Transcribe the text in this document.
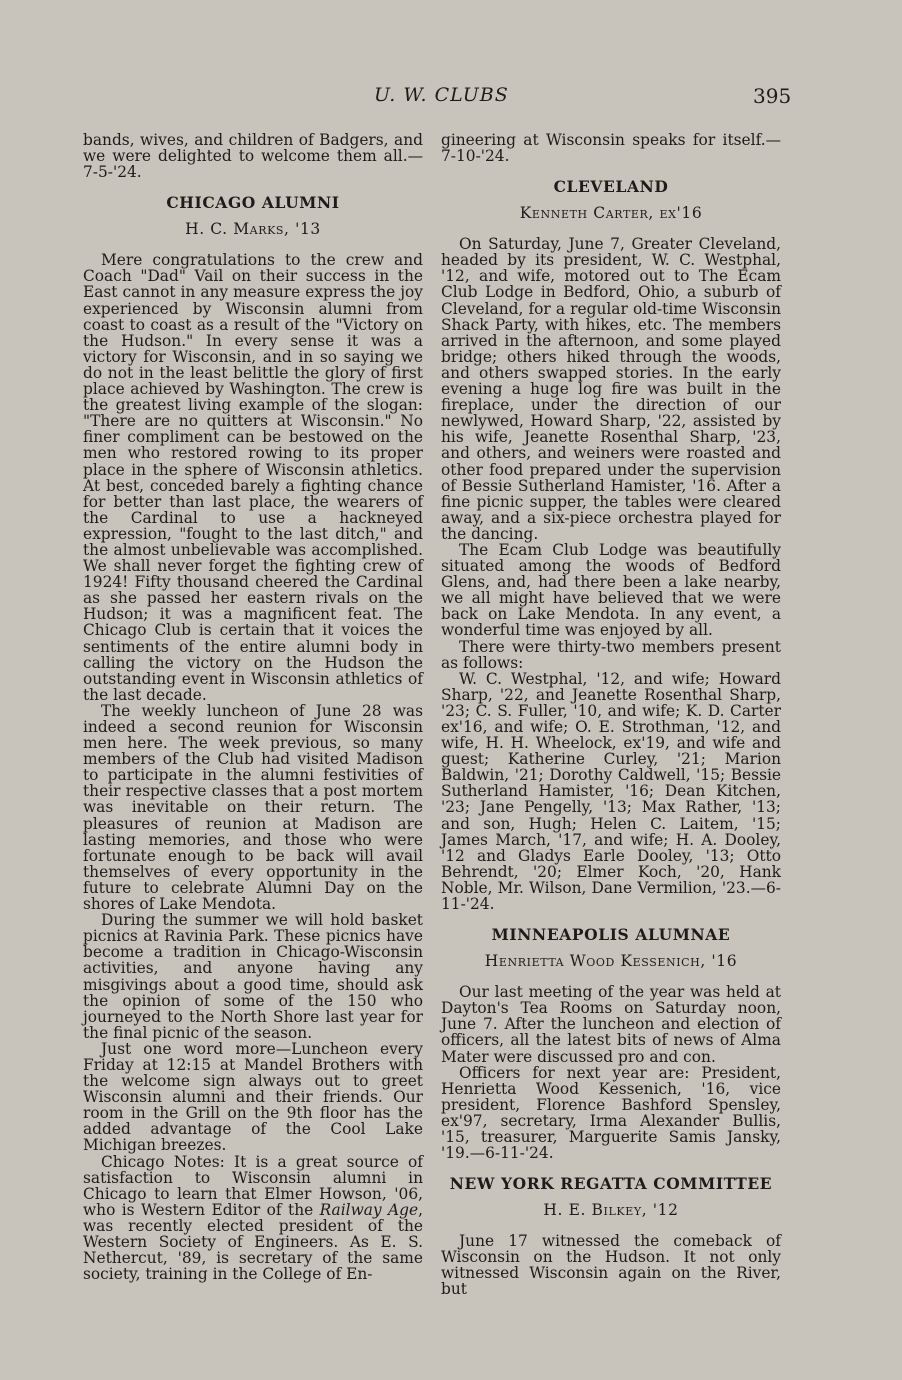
U. W. CLUBS	395

bands, wives, and children of Badgers, and we were delighted to welcome them all.—7-5-'24.

CHICAGO ALUMNI
H. C. Marks, '13

Mere congratulations to the crew and Coach "Dad" Vail on their success in the East cannot in any measure express the joy experienced by Wisconsin alumni from coast to coast as a result of the "Victory on the Hudson." In every sense it was a victory for Wisconsin, and in so saying we do not in the least belittle the glory of first place achieved by Washington. The crew is the greatest living example of the slogan: "There are no quitters at Wisconsin." No finer compliment can be bestowed on the men who restored rowing to its proper place in the sphere of Wisconsin athletics. At best, conceded barely a fighting chance for better than last place, the wearers of the Cardinal to use a hackneyed expression, "fought to the last ditch," and the almost unbelievable was accomplished. We shall never forget the fighting crew of 1924! Fifty thousand cheered the Cardinal as she passed her eastern rivals on the Hudson; it was a magnificent feat. The Chicago Club is certain that it voices the sentiments of the entire alumni body in calling the victory on the Hudson the outstanding event in Wisconsin athletics of the last decade.

The weekly luncheon of June 28 was indeed a second reunion for Wisconsin men here. The week previous, so many members of the Club had visited Madison to participate in the alumni festivities of their respective classes that a post mortem was inevitable on their return. The pleasures of reunion at Madison are lasting memories, and those who were fortunate enough to be back will avail themselves of every opportunity in the future to celebrate Alumni Day on the shores of Lake Mendota.

During the summer we will hold basket picnics at Ravinia Park. These picnics have become a tradition in Chicago-Wisconsin activities, and anyone having any misgivings about a good time, should ask the opinion of some of the 150 who journeyed to the North Shore last year for the final picnic of the season.

Just one word more—Luncheon every Friday at 12:15 at Mandel Brothers with the welcome sign always out to greet Wisconsin alumni and their friends. Our room in the Grill on the 9th floor has the added advantage of the Cool Lake Michigan breezes.

Chicago Notes: It is a great source of satisfaction to Wisconsin alumni in Chicago to learn that Elmer Howson, '06, who is Western Editor of the Railway Age, was recently elected president of the Western Society of Engineers. As E. S. Nethercut, '89, is secretary of the same society, training in the College of En-

gineering at Wisconsin speaks for itself.—7-10-'24.

CLEVELAND
Kenneth Carter, ex'16

On Saturday, June 7, Greater Cleveland, headed by its president, W. C. Westphal, '12, and wife, motored out to The Ecam Club Lodge in Bedford, Ohio, a suburb of Cleveland, for a regular old-time Wisconsin Shack Party, with hikes, etc. The members arrived in the afternoon, and some played bridge; others hiked through the woods, and others swapped stories. In the early evening a huge log fire was built in the fireplace, under the direction of our newlywed, Howard Sharp, '22, assisted by his wife, Jeanette Rosenthal Sharp, '23, and others, and weiners were roasted and other food prepared under the supervision of Bessie Sutherland Hamister, '16. After a fine picnic supper, the tables were cleared away, and a six-piece orchestra played for the dancing.

The Ecam Club Lodge was beautifully situated among the woods of Bedford Glens, and, had there been a lake nearby, we all might have believed that we were back on Lake Mendota. In any event, a wonderful time was enjoyed by all.

There were thirty-two members present as follows:

W. C. Westphal, '12, and wife; Howard Sharp, '22, and Jeanette Rosenthal Sharp, '23; C. S. Fuller, '10, and wife; K. D. Carter ex'16, and wife; O. E. Strothman, '12, and wife, H. H. Wheelock, ex'19, and wife and guest; Katherine Curley, '21; Marion Baldwin, '21; Dorothy Caldwell, '15; Bessie Sutherland Hamister, '16; Dean Kitchen, '23; Jane Pengelly, '13; Max Rather, '13; and son, Hugh; Helen C. Laitem, '15; James March, '17, and wife; H. A. Dooley, '12 and Gladys Earle Dooley, '13; Otto Behrendt, '20; Elmer Koch, '20, Hank Noble, Mr. Wilson, Dane Vermilion, '23.—6-11-'24.

MINNEAPOLIS ALUMNAE
Henrietta Wood Kessenich, '16

Our last meeting of the year was held at Dayton's Tea Rooms on Saturday noon, June 7. After the luncheon and election of officers, all the latest bits of news of Alma Mater were discussed pro and con.

Officers for next year are: President, Henrietta Wood Kessenich, '16, vice president, Florence Bashford Spensley, ex'97, secretary, Irma Alexander Bullis, '15, treasurer, Marguerite Samis Jansky, '19.—6-11-'24.

NEW YORK REGATTA COMMITTEE
H. E. Bilkey, '12

June 17 witnessed the comeback of Wisconsin on the Hudson. It not only witnessed Wisconsin again on the River, but
